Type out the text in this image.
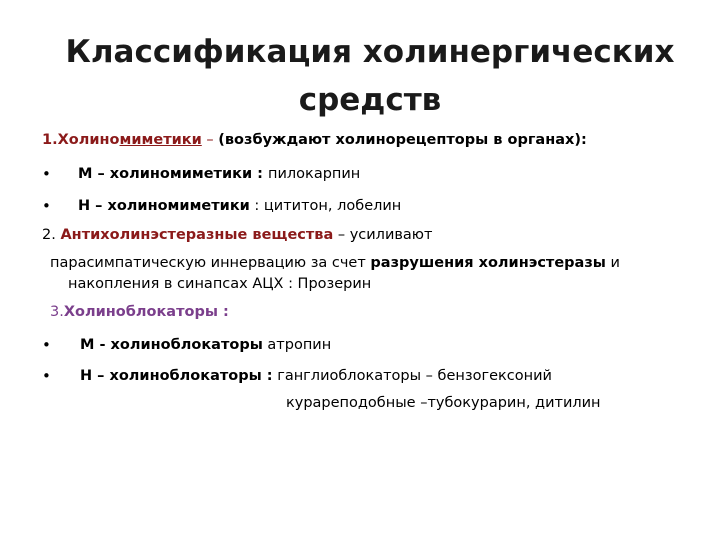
Классификация холинергических
средств
1.Холиномиметики – (возбуждают холинорецепторы в органах):
• М – холиномиметики : пилокарпин
• Н – холиномиметики : цититон, лобелин
2. Антихолинэстеразные вещества – усиливают
парасимпатическую иннервацию за счет разрушения холинэстеразы и
накопления в синапсах АЦХ : Прозерин
3.Холиноблокаторы :
• М - холиноблокаторы атропин
• Н – холиноблокаторы : ганглиоблокаторы – бензогексоний
курареподобные –тубокурарин, дитилин
